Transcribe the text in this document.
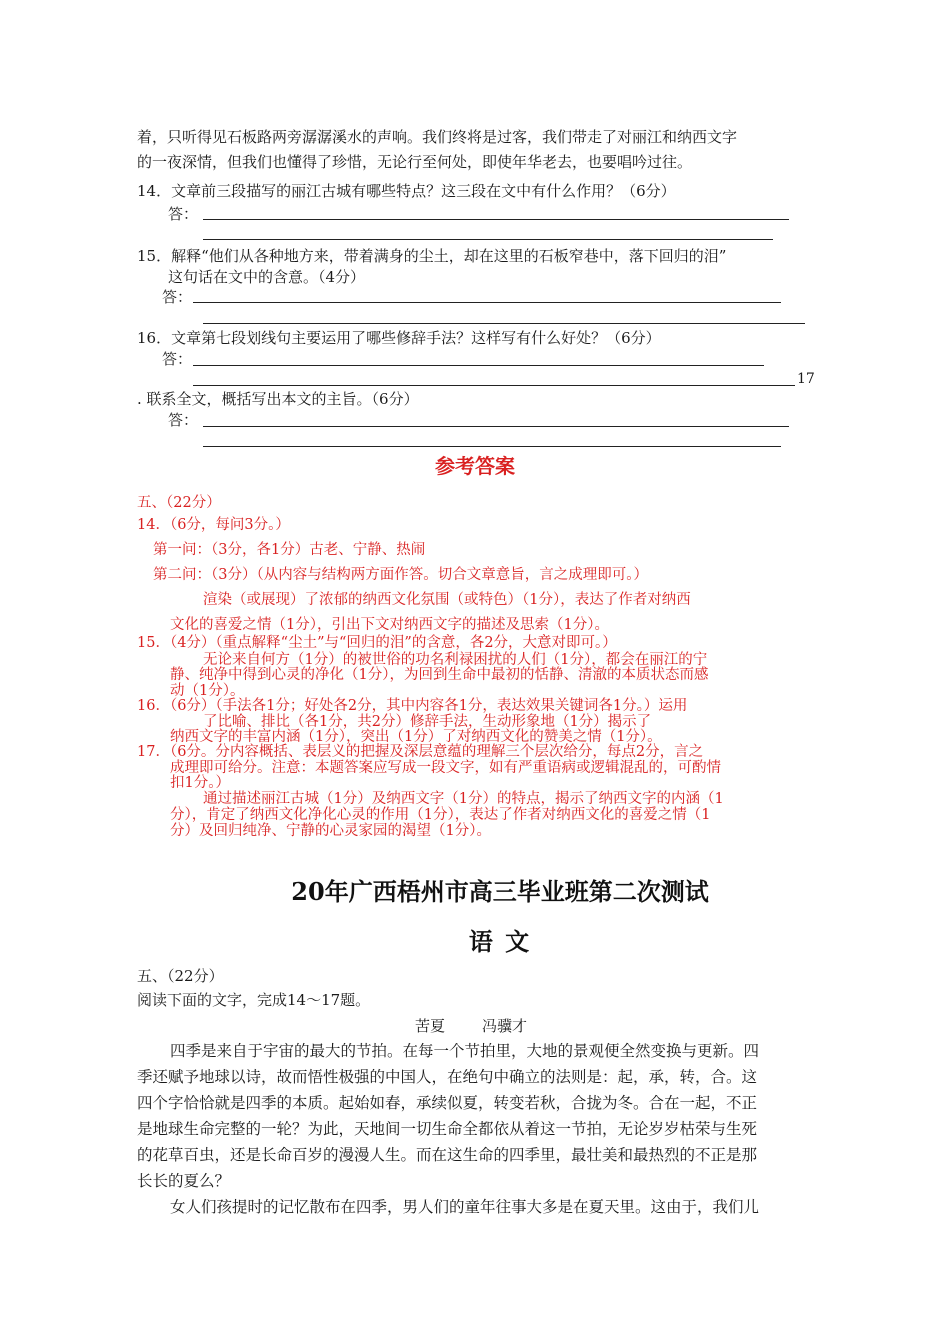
着，只听得见石板路两旁潺潺溪水的声响。我们终将是过客，我们带走了对丽江和纳西文字
的一夜深情，但我们也懂得了珍惜，无论行至何处，即使年华老去，也要唱吟过往。
14．文章前三段描写的丽江古城有哪些特点？这三段在文中有什么作用？（6分）
答：
15．解释“他们从各种地方来，带着满身的尘土，却在这里的石板窄巷中，落下回归的泪”
这句话在文中的含意。（4分）
答：
16．文章第七段划线句主要运用了哪些修辞手法？这样写有什么好处？（6分）
答：
17
. 联系全文，概括写出本文的主旨。（6分）
答：
参考答案
五、（22分）
14．（6分，每问3分。）
第一问：（3分，各1分）古老、宁静、热闹
第二问：（3分）（从内容与结构两方面作答。切合文章意旨，言之成理即可。）
渲染（或展现）了浓郁的纳西文化氛围（或特色）（1分），表达了作者对纳西
文化的喜爱之情（1分），引出下文对纳西文字的描述及思索（1分）。
15．（4分）（重点解释“尘土”与“回归的泪”的含意，各2分，大意对即可。）
无论来自何方（1分）的被世俗的功名利禄困扰的人们（1分），都会在丽江的宁
静、纯净中得到心灵的净化（1分），为回到生命中最初的恬静、清澈的本质状态而感
动（1分）。
16．（6分）（手法各1分；好处各2分，其中内容各1分，表达效果关键词各1分。）运用
了比喻、排比（各1分，共2分）修辞手法，生动形象地（1分）揭示了
纳西文字的丰富内涵（1分），突出（1分）了对纳西文化的赞美之情（1分）。
17．（6分。分内容概括、表层义的把握及深层意蕴的理解三个层次给分，每点2分，言之
成理即可给分。注意：本题答案应写成一段文字，如有严重语病或逻辑混乱的，可酌情
扣1分。）
通过描述丽江古城（1分）及纳西文字（1分）的特点，揭示了纳西文字的内涵（1
分），肯定了纳西文化净化心灵的作用（1分），表达了作者对纳西文化的喜爱之情（1
分）及回归纯净、宁静的心灵家园的渴望（1分）。
20年广西梧州市高三毕业班第二次测试
语 文
五、（22分）
阅读下面的文字，完成14～17题。
苦夏 冯骥才
四季是来自于宇宙的最大的节拍。在每一个节拍里，大地的景观便全然变换与更新。四
季还赋予地球以诗，故而悟性极强的中国人，在绝句中确立的法则是：起，承，转，合。这
四个字恰恰就是四季的本质。起始如春，承续似夏，转变若秋，合拢为冬。合在一起，不正
是地球生命完整的一轮？为此，天地间一切生命全都依从着这一节拍，无论岁岁枯荣与生死
的花草百虫，还是长命百岁的漫漫人生。而在这生命的四季里，最壮美和最热烈的不正是那
长长的夏么？
女人们孩提时的记忆散布在四季，男人们的童年往事大多是在夏天里。这由于，我们儿
